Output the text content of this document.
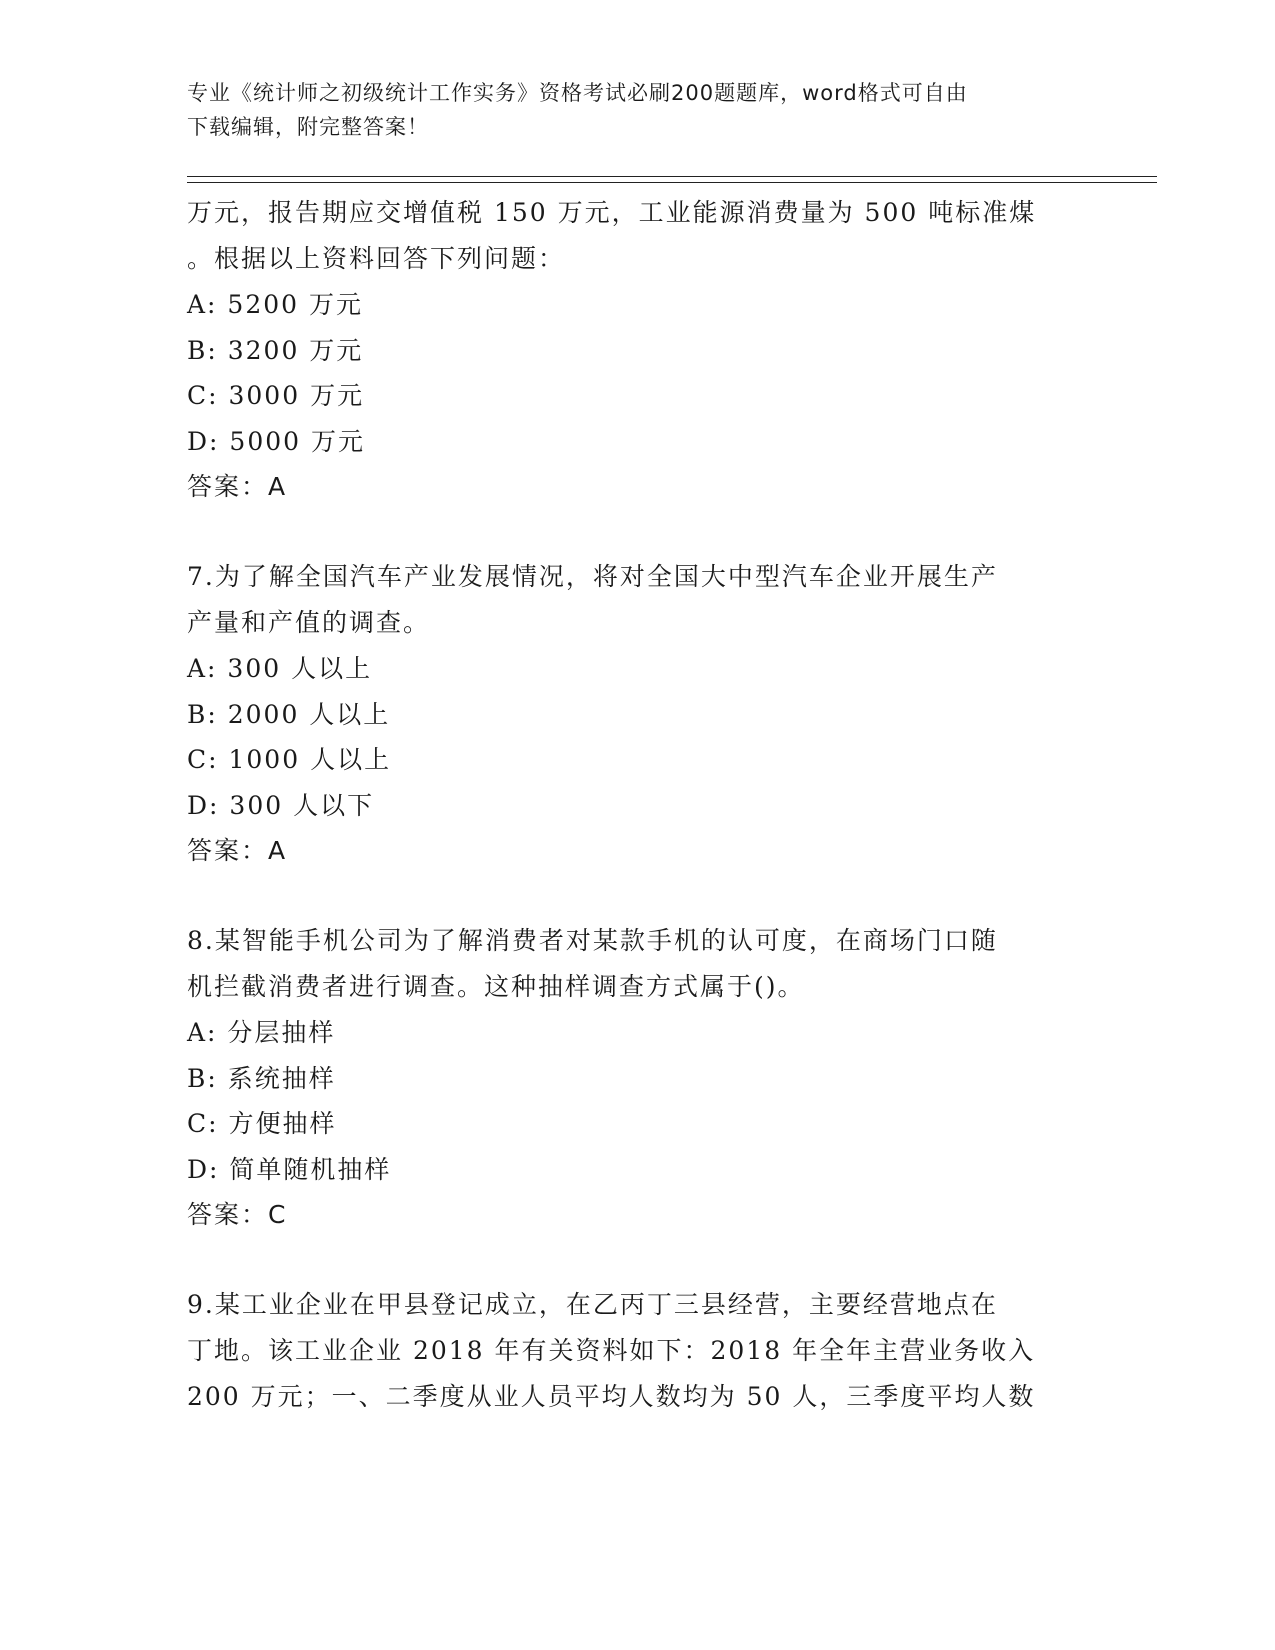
专业《统计师之初级统计工作实务》资格考试必刷200题题库，word格式可自由
下载编辑，附完整答案！
万元，报告期应交增值税 150 万元，工业能源消费量为 500 吨标准煤
。根据以上资料回答下列问题：
A: 5200 万元
B: 3200 万元
C: 3000 万元
D: 5000 万元
答案：A
7.为了解全国汽车产业发展情况，将对全国大中型汽车企业开展生产
产量和产值的调查。
A: 300 人以上
B: 2000 人以上
C: 1000 人以上
D: 300 人以下
答案：A
8.某智能手机公司为了解消费者对某款手机的认可度，在商场门口随
机拦截消费者进行调查。这种抽样调查方式属于()。
A: 分层抽样
B: 系统抽样
C: 方便抽样
D: 简单随机抽样
答案：C
9.某工业企业在甲县登记成立，在乙丙丁三县经营，主要经营地点在
丁地。该工业企业 2018 年有关资料如下：2018 年全年主营业务收入
200 万元；一、二季度从业人员平均人数均为 50 人，三季度平均人数
